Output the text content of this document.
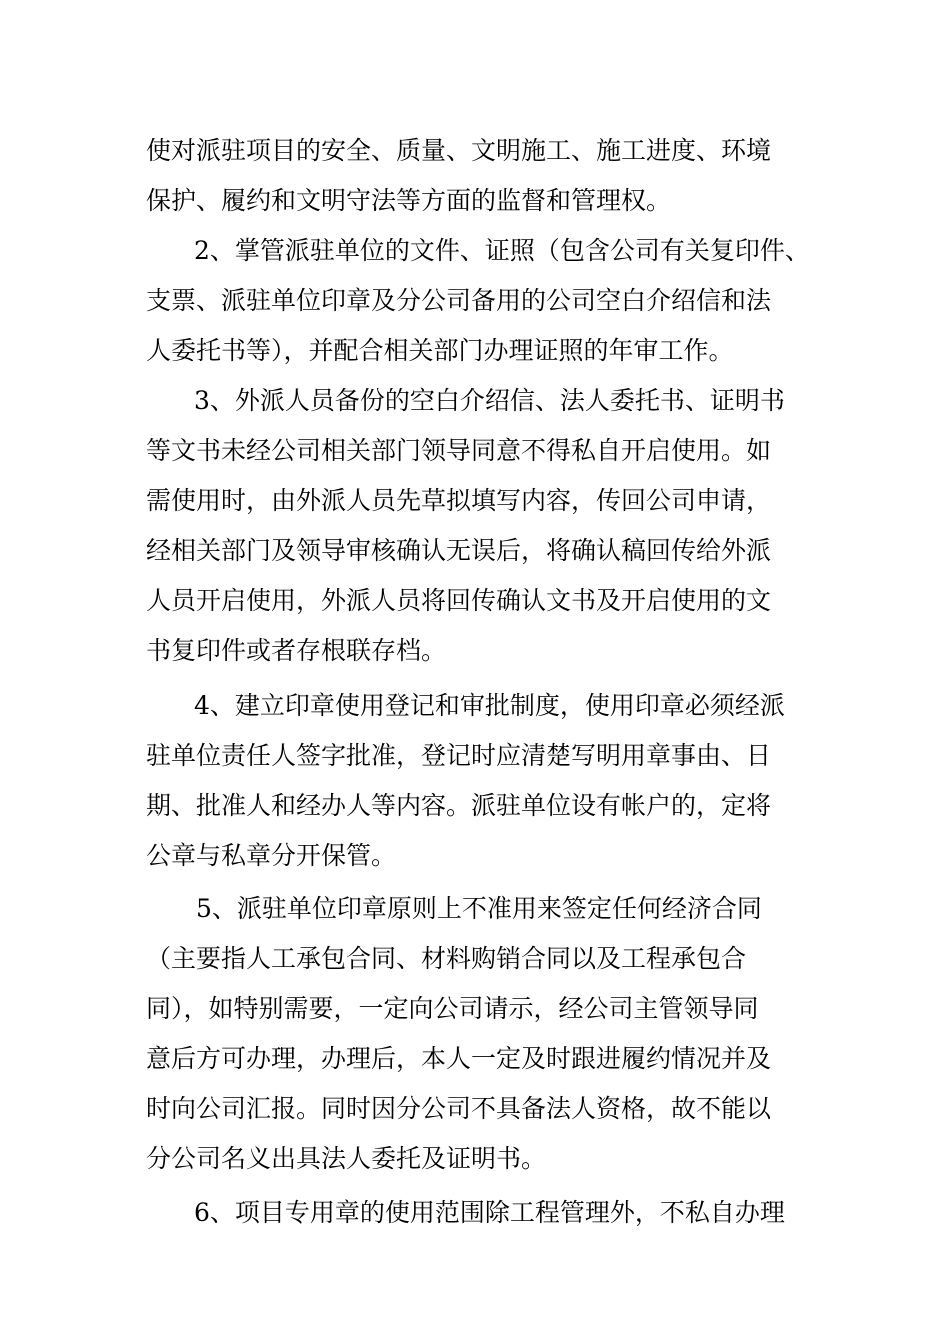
使对派驻项目的安全、质量、文明施工、施工进度、环境
保护、履约和文明守法等方面的监督和管理权。
2、掌管派驻单位的文件、证照（包含公司有关复印件、
支票、派驻单位印章及分公司备用的公司空白介绍信和法
人委托书等），并配合相关部门办理证照的年审工作。
3、外派人员备份的空白介绍信、法人委托书、证明书
等文书未经公司相关部门领导同意不得私自开启使用。如
需使用时，由外派人员先草拟填写内容，传回公司申请，
经相关部门及领导审核确认无误后，将确认稿回传给外派
人员开启使用，外派人员将回传确认文书及开启使用的文
书复印件或者存根联存档。
4、建立印章使用登记和审批制度，使用印章必须经派
驻单位责任人签字批准，登记时应清楚写明用章事由、日
期、批准人和经办人等内容。派驻单位设有帐户的，定将
公章与私章分开保管。
5、派驻单位印章原则上不准用来签定任何经济合同
（主要指人工承包合同、材料购销合同以及工程承包合
同），如特别需要，一定向公司请示，经公司主管领导同
意后方可办理，办理后，本人一定及时跟进履约情况并及
时向公司汇报。同时因分公司不具备法人资格，故不能以
分公司名义出具法人委托及证明书。
6、项目专用章的使用范围除工程管理外，不私自办理
